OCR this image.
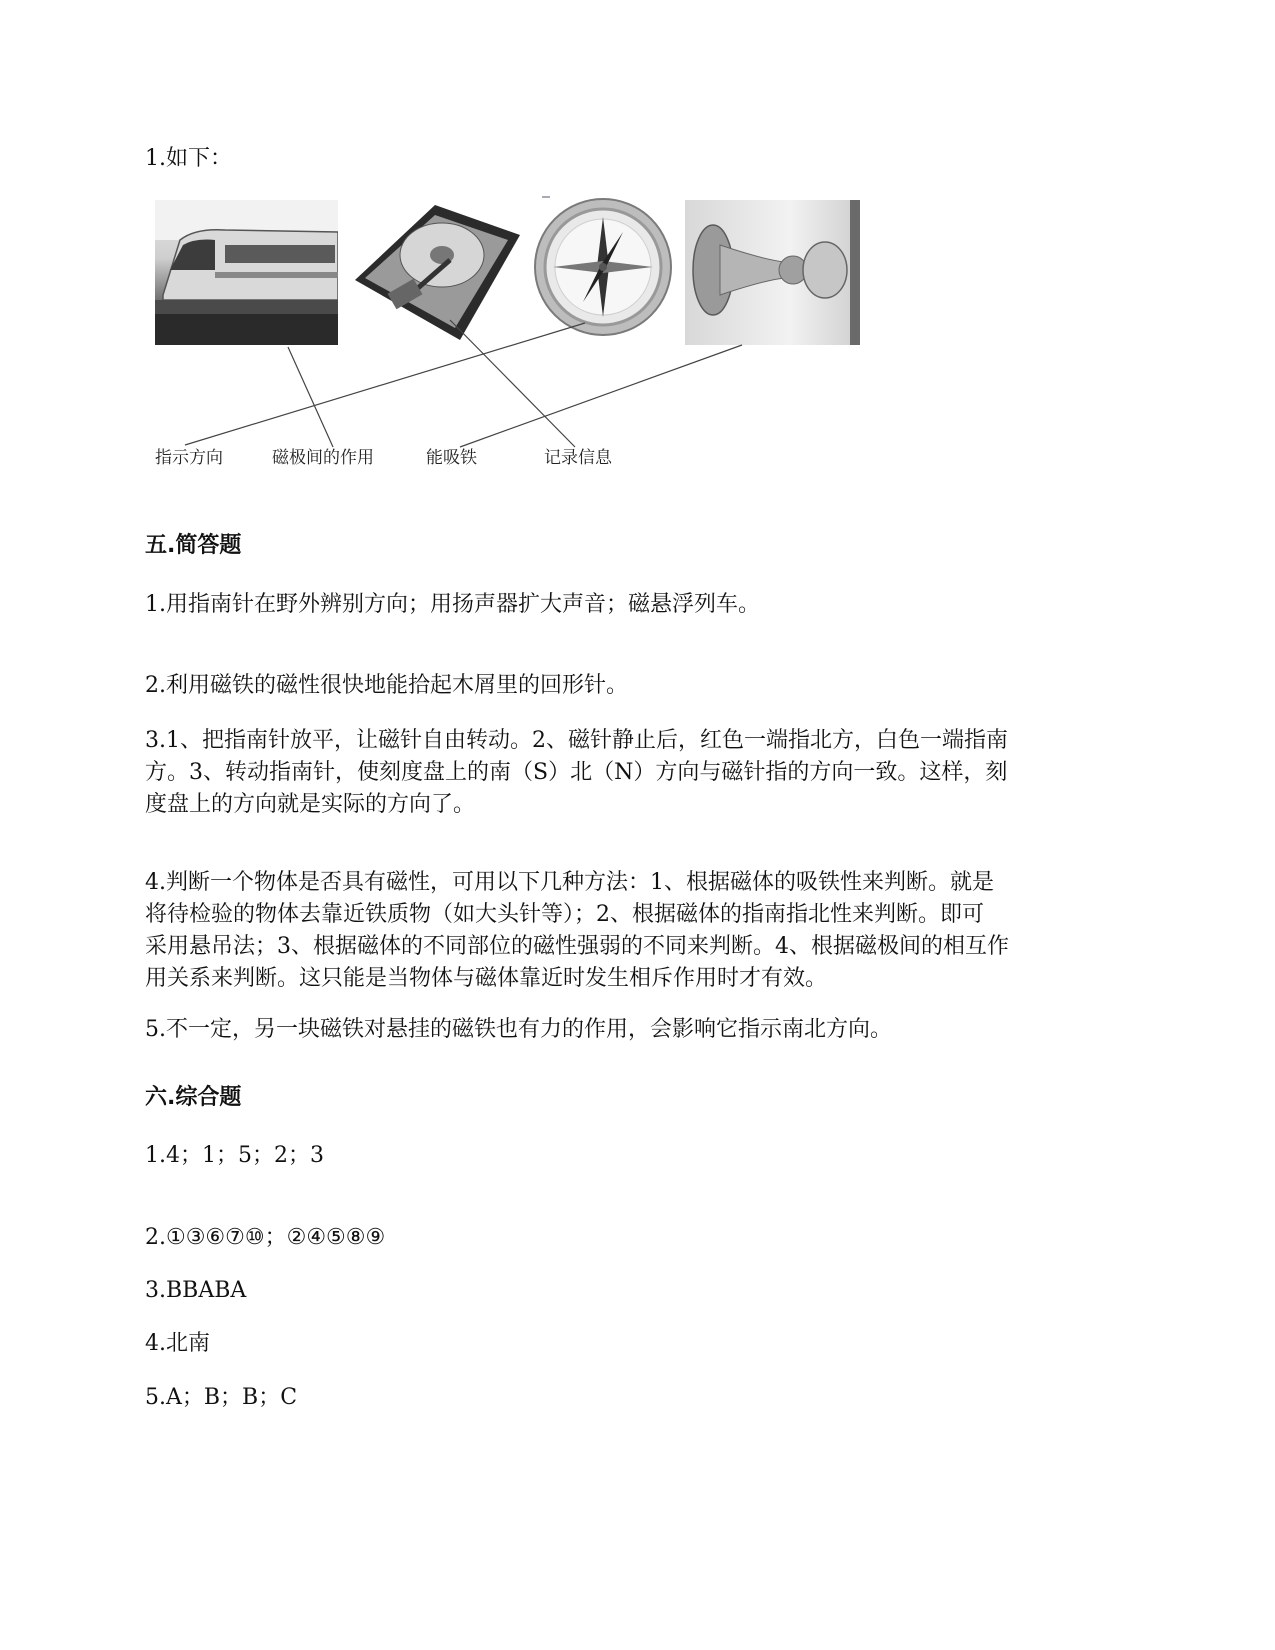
1.如下：
指示方向	磁极间的作用	能吸铁	记录信息
五.简答题
1.用指南针在野外辨别方向；用扬声器扩大声音；磁悬浮列车。
2.利用磁铁的磁性很快地能拾起木屑里的回形针。
3.1、把指南针放平，让磁针自由转动。2、磁针静止后，红色一端指北方，白色一端指南
方。3、转动指南针，使刻度盘上的南（S）北（N）方向与磁针指的方向一致。这样，刻
度盘上的方向就是实际的方向了。
4.判断一个物体是否具有磁性，可用以下几种方法：1、根据磁体的吸铁性来判断。就是
将待检验的物体去靠近铁质物（如大头针等）；2、根据磁体的指南指北性来判断。即可
采用悬吊法；3、根据磁体的不同部位的磁性强弱的不同来判断。4、根据磁极间的相互作
用关系来判断。这只能是当物体与磁体靠近时发生相斥作用时才有效。
5.不一定，另一块磁铁对悬挂的磁铁也有力的作用，会影响它指示南北方向。
六.综合题
1.4；1；5；2；3
2.①③⑥⑦⑩；②④⑤⑧⑨
3.BBABA
4.北南
5.A；B；B；C
